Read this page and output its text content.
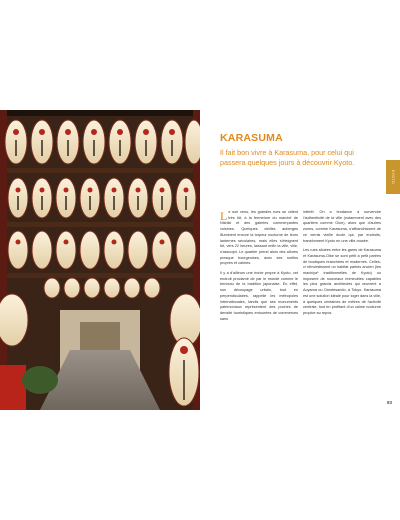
KARASUMA

Il fait bon vivre à Karasuma, pour celui qui passera quelques jours à découvrir Kyoto.

Le soir venu, les grandes rues se vident très tôt, à la fermeture du marché de Nishiki et des galeries commerçantes voisines. Quelques vieilles auberges illuminent encore la torpeur nocturne de leurs lanternes séculaires, mais elles s'éteignent tôt, vers 22 heures, laissant enfin la ville, ville, s'assoupir. Le quartier prend alors des allures presque bourgeoises, avec ses ruelles propres et calmes.

Il y a d'ailleurs une ironie propre à Kyoto, cet endroit proclamé de par le monde comme le berceau de la tradition japonaise. En effet, son découpage urbain, tout en perpendiculaires, rappelle les métropoles internationales, tandis que ses monuments patrimoniaux représentent des poches de densité touristiques entourées de commerces sans

intérêt. On a tendance à survendre l'authenticité de la ville (notamment avec des quartiers comme Gion), alors que d'autres zones, comme Karasuma, s'affranchissent de ce vernis vieille école qui, par endroits, transforment Kyoto en une ville-musée.

Les rues situées entre les gares de Karasuma et Karasuma-Oike se sont petit à petit parées de boutiques branchées et modernes. Celles-ci réinvestissent un habitat parfois ancien (les machiya* traditionnelles de Kyoto) ou imposent de nouveaux immeubles capables les plus grands architectes qui œuvrent à Aoyama ou Omotesando, à Tokyo. Karasuma est une solution idéale pour loger dans la ville, à quelques centaines de mètres de l'activité centrale, tout en profitant d'un calme nocturne propice au repos.

KYOTO
83
